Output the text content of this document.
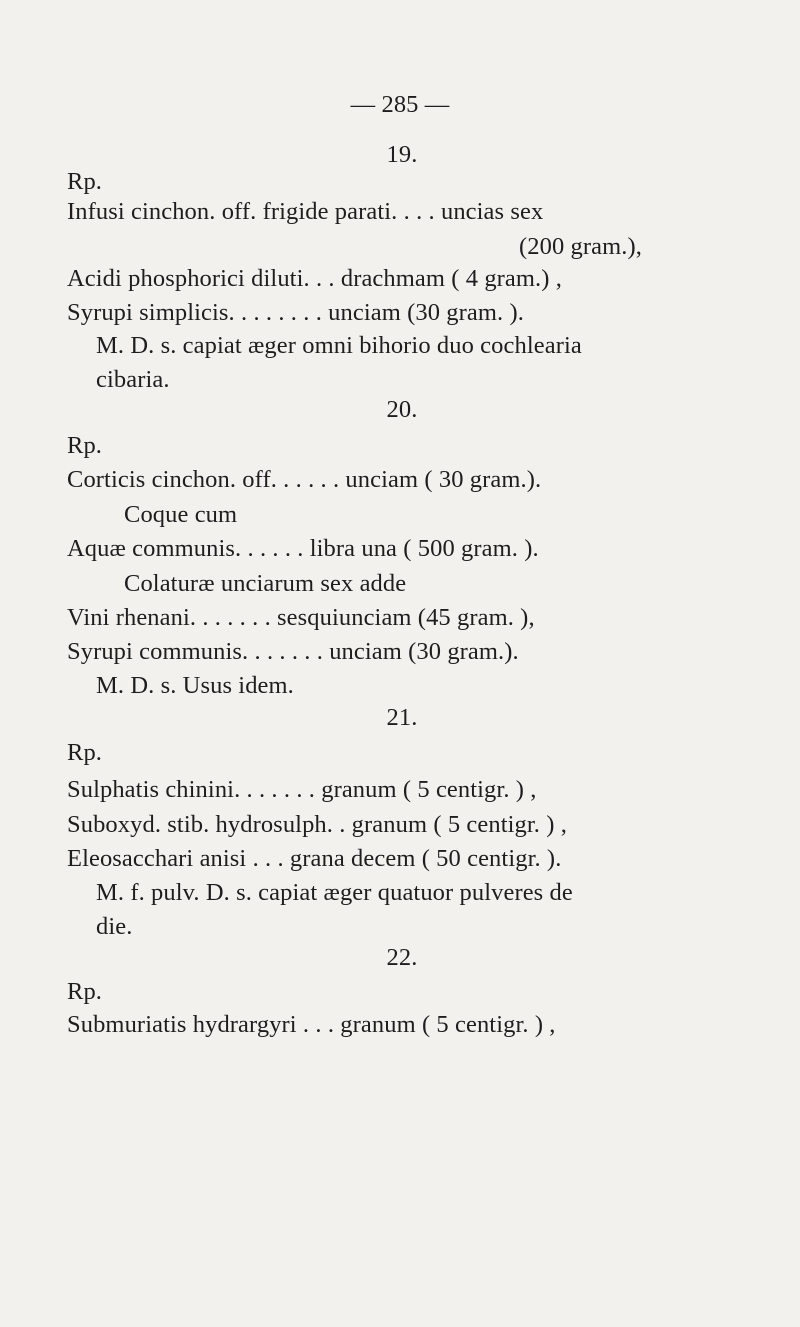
— 285 —
19.
Rp.
Infusi cinchon. off. frigide parati. . . . uncias sex
(200 gram.),
Acidi phosphorici diluti. . . drachmam ( 4 gram.) ,
Syrupi simplicis. . . . . . . . unciam (30 gram. ).
M. D. s. capiat æger omni bihorio duo cochlearia
cibaria.
20.
Rp.
Corticis cinchon. off. . . . . . unciam ( 30 gram.).
Coque cum
Aquæ communis. . . . . . libra una ( 500 gram. ).
Colaturæ unciarum sex adde
Vini rhenani. . . . . . . sesquiunciam (45 gram. ),
Syrupi communis. . . . . . . unciam (30 gram.).
M. D. s. Usus idem.
21.
Rp.
Sulphatis chinini. . . . . . . granum ( 5 centigr. ) ,
Suboxyd. stib. hydrosulph. . granum ( 5 centigr. ) ,
Eleosacchari anisi . . . grana decem ( 50 centigr. ).
M. f. pulv. D. s. capiat æger quatuor pulveres de
die.
22.
Rp.
Submuriatis hydrargyri . . . granum ( 5 centigr. ) ,
